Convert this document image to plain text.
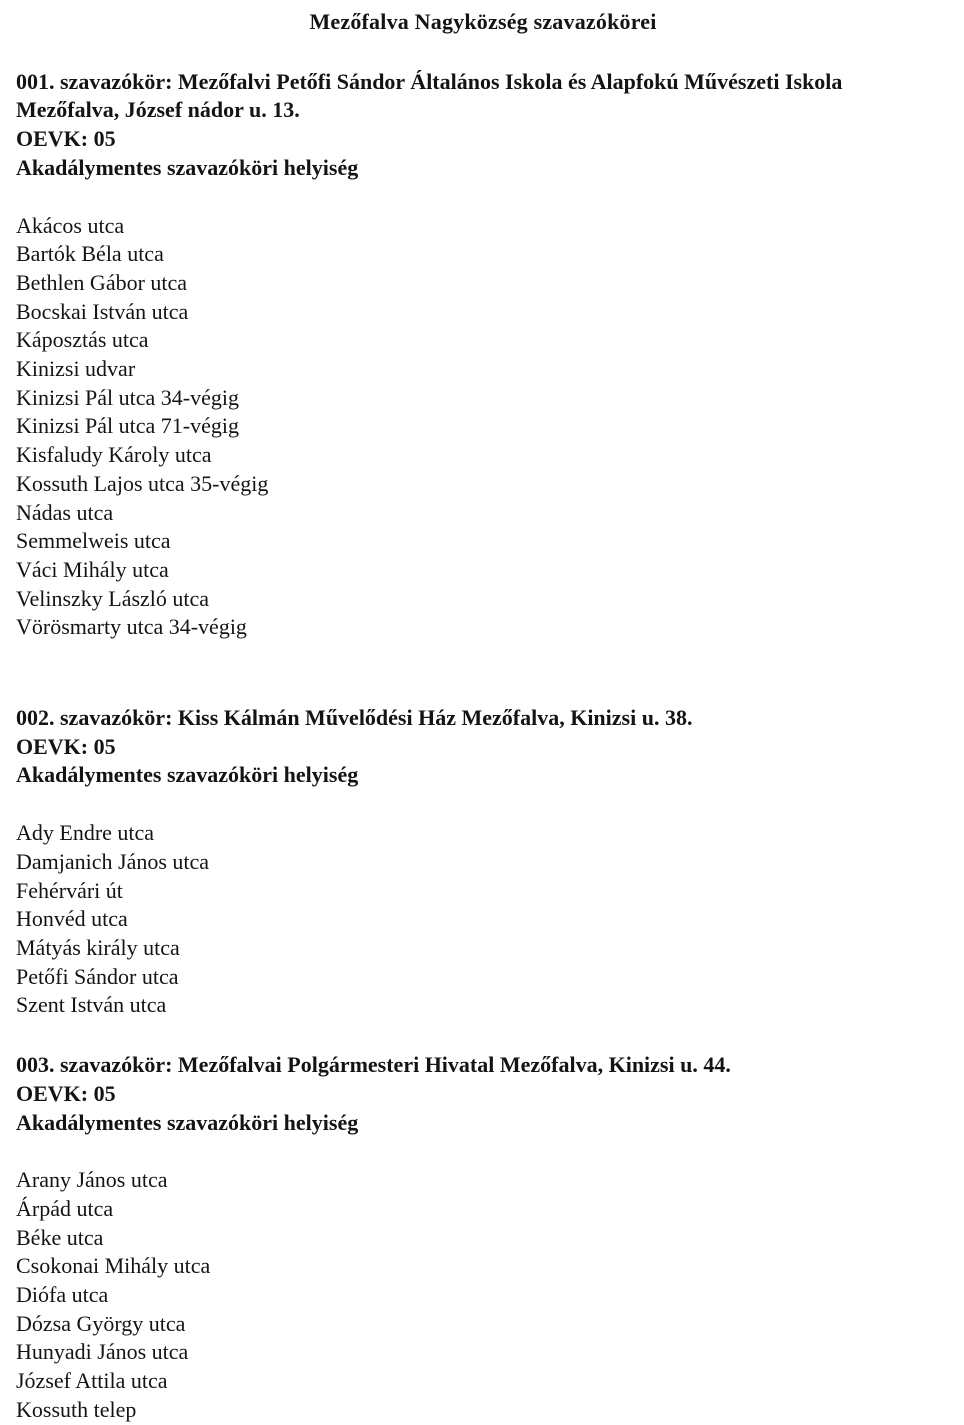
Mezőfalva Nagyközség szavazókörei
001. szavazókör: Mezőfalvi Petőfi Sándor Általános Iskola és Alapfokú Művészeti Iskola Mezőfalva, József nádor u. 13.
OEVK: 05
Akadálymentes szavazóköri helyiség
Akácos utca
Bartók Béla utca
Bethlen Gábor utca
Bocskai István utca
Káposztás utca
Kinizsi udvar
Kinizsi Pál utca 34-végig
Kinizsi Pál utca 71-végig
Kisfaludy Károly utca
Kossuth Lajos utca 35-végig
Nádas utca
Semmelweis utca
Váci Mihály utca
Velinszky László utca
Vörösmarty utca 34-végig
002. szavazókör: Kiss Kálmán Művelődési Ház Mezőfalva, Kinizsi u. 38.
OEVK: 05
Akadálymentes szavazóköri helyiség
Ady Endre utca
Damjanich János utca
Fehérvári út
Honvéd utca
Mátyás király utca
Petőfi Sándor utca
Szent István utca
003. szavazókör: Mezőfalvai Polgármesteri Hivatal Mezőfalva, Kinizsi u. 44.
OEVK: 05
Akadálymentes szavazóköri helyiség
Arany János utca
Árpád utca
Béke utca
Csokonai Mihály utca
Diófa utca
Dózsa György utca
Hunyadi János utca
József Attila utca
Kossuth telep
